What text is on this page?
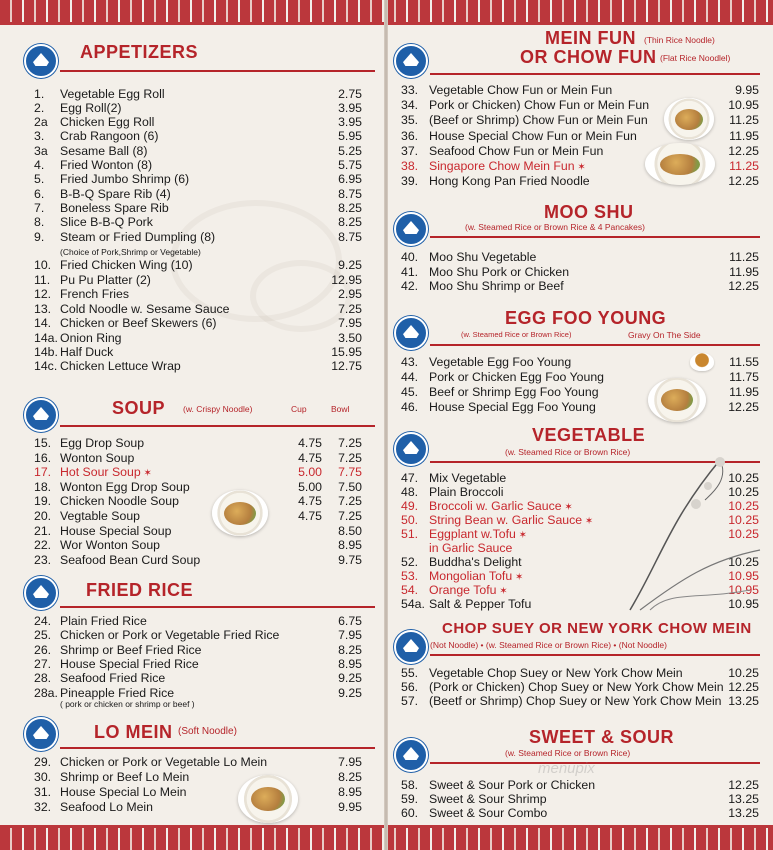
APPETIZERS
1. Vegetable Egg Roll	2.75
2. Egg Roll(2)	3.95
2a Chicken Egg Roll	3.95
3. Crab Rangoon (6)	5.95
3a Sesame Ball (8)	5.25
4. Fried Wonton (8)	5.75
5. Fried Jumbo Shrimp (6)	6.95
6. B-B-Q Spare Rib (4)	8.75
7. Boneless Spare Rib	8.25
8. Slice B-B-Q Pork	8.25
9. Steam or Fried Dumpling (8)	8.75
10. Fried Chicken Wing (10)	9.25
11. Pu Pu Platter (2)	12.95
12. French Fries	2.95
13. Cold Noodle w. Sesame Sauce	7.25
14. Chicken or Beef Skewers (6)	7.95
14a. Onion Ring	3.50
14b. Half Duck	15.95
14c. Chicken Lettuce Wrap	12.75
(Choice of Pork,Shrimp or Vegetable)
SOUP (w. Crispy Noodle)	Cup	Bowl
15. Egg Drop Soup	4.75 7.25
16. Wonton Soup	4.75 7.25
17. Hot Sour Soup ✶	5.00 7.75
18. Wonton Egg Drop Soup	5.00 7.50
19. Chicken Noodle Soup	4.75 7.25
20. Vegtable Soup	4.75 7.25
21. House Special Soup	8.50
22. Wor Wonton Soup	8.95
23. Seafood Bean Curd Soup	9.75
FRIED RICE
24. Plain Fried Rice	6.75
25. Chicken or Pork or Vegetable Fried Rice	7.95
26. Shrimp or Beef Fried Rice	8.25
27. House Special Fried Rice	8.95
28. Seafood Fried Rice	9.25
28a. Pineapple Fried Rice	9.25
( pork or chicken or shrimp or beef )
LO MEIN (Soft Noodle)
29. Chicken or Pork or Vegetable Lo Mein	7.95
30. Shrimp or Beef Lo Mein	8.25
31. House Special Lo Mein	8.95
32. Seafood Lo Mein	9.95
MEIN FUN (Thin Rice Noodle)
OR CHOW FUN (Flat Rice Noodlel)
33. Vegetable Chow Fun or Mein Fun	9.95
34. Pork or Chicken) Chow Fun or Mein Fun	10.95
35. (Beef or Shrimp) Chow Fun or Mein Fun	11.25
36. House Special Chow Fun or Mein Fun	11.95
37. Seafood Chow Fun or Mein Fun	12.25
38. Singapore Chow Mein Fun ✶	11.25
39. Hong Kong Pan Fried Noodle	12.25
MOO SHU
(w. Steamed Rice or Brown Rice & 4 Pancakes)
40. Moo Shu Vegetable	11.25
41. Moo Shu Pork or Chicken	11.95
42. Moo Shu Shrimp or Beef	12.25
EGG FOO YOUNG
(w. Steamed Rice or Brown Rice)	Gravy On The Side
43. Vegetable Egg Foo Young	11.55
44. Pork or Chicken Egg Foo Young	11.75
45. Beef or Shrimp Egg Foo Young	11.95
46. House Special Egg Foo Young	12.25
VEGETABLE
(w. Steamed Rice or Brown Rice)
47. Mix Vegetable	10.25
48. Plain Broccoli	10.25
49. Broccoli w. Garlic Sauce ✶	10.25
50. String Bean w. Garlic Sauce ✶	10.25
51. Eggplant w.Tofu ✶	10.25
in Garlic Sauce
52. Buddha's Delight	10.25
53. Mongolian Tofu ✶	10.95
54. Orange Tofu ✶	10.95
54a. Salt & Pepper Tofu	10.95
CHOP SUEY OR NEW YORK CHOW MEIN
(Not Noodle) • (w. Steamed Rice or Brown Rice) • (Not Noodle)
55. Vegetable Chop Suey or New York Chow Mein	10.25
56. (Pork or Chicken) Chop Suey or New York Chow Mein 12.25
57. (Beetf or Shrimp) Chop Suey or New York Chow Mein 13.25
SWEET & SOUR
(w. Steamed Rice or Brown Rice)
58. Sweet & Sour Pork or Chicken	12.25
59. Sweet & Sour Shrimp	13.25
60. Sweet & Sour Combo	13.25
menupix
